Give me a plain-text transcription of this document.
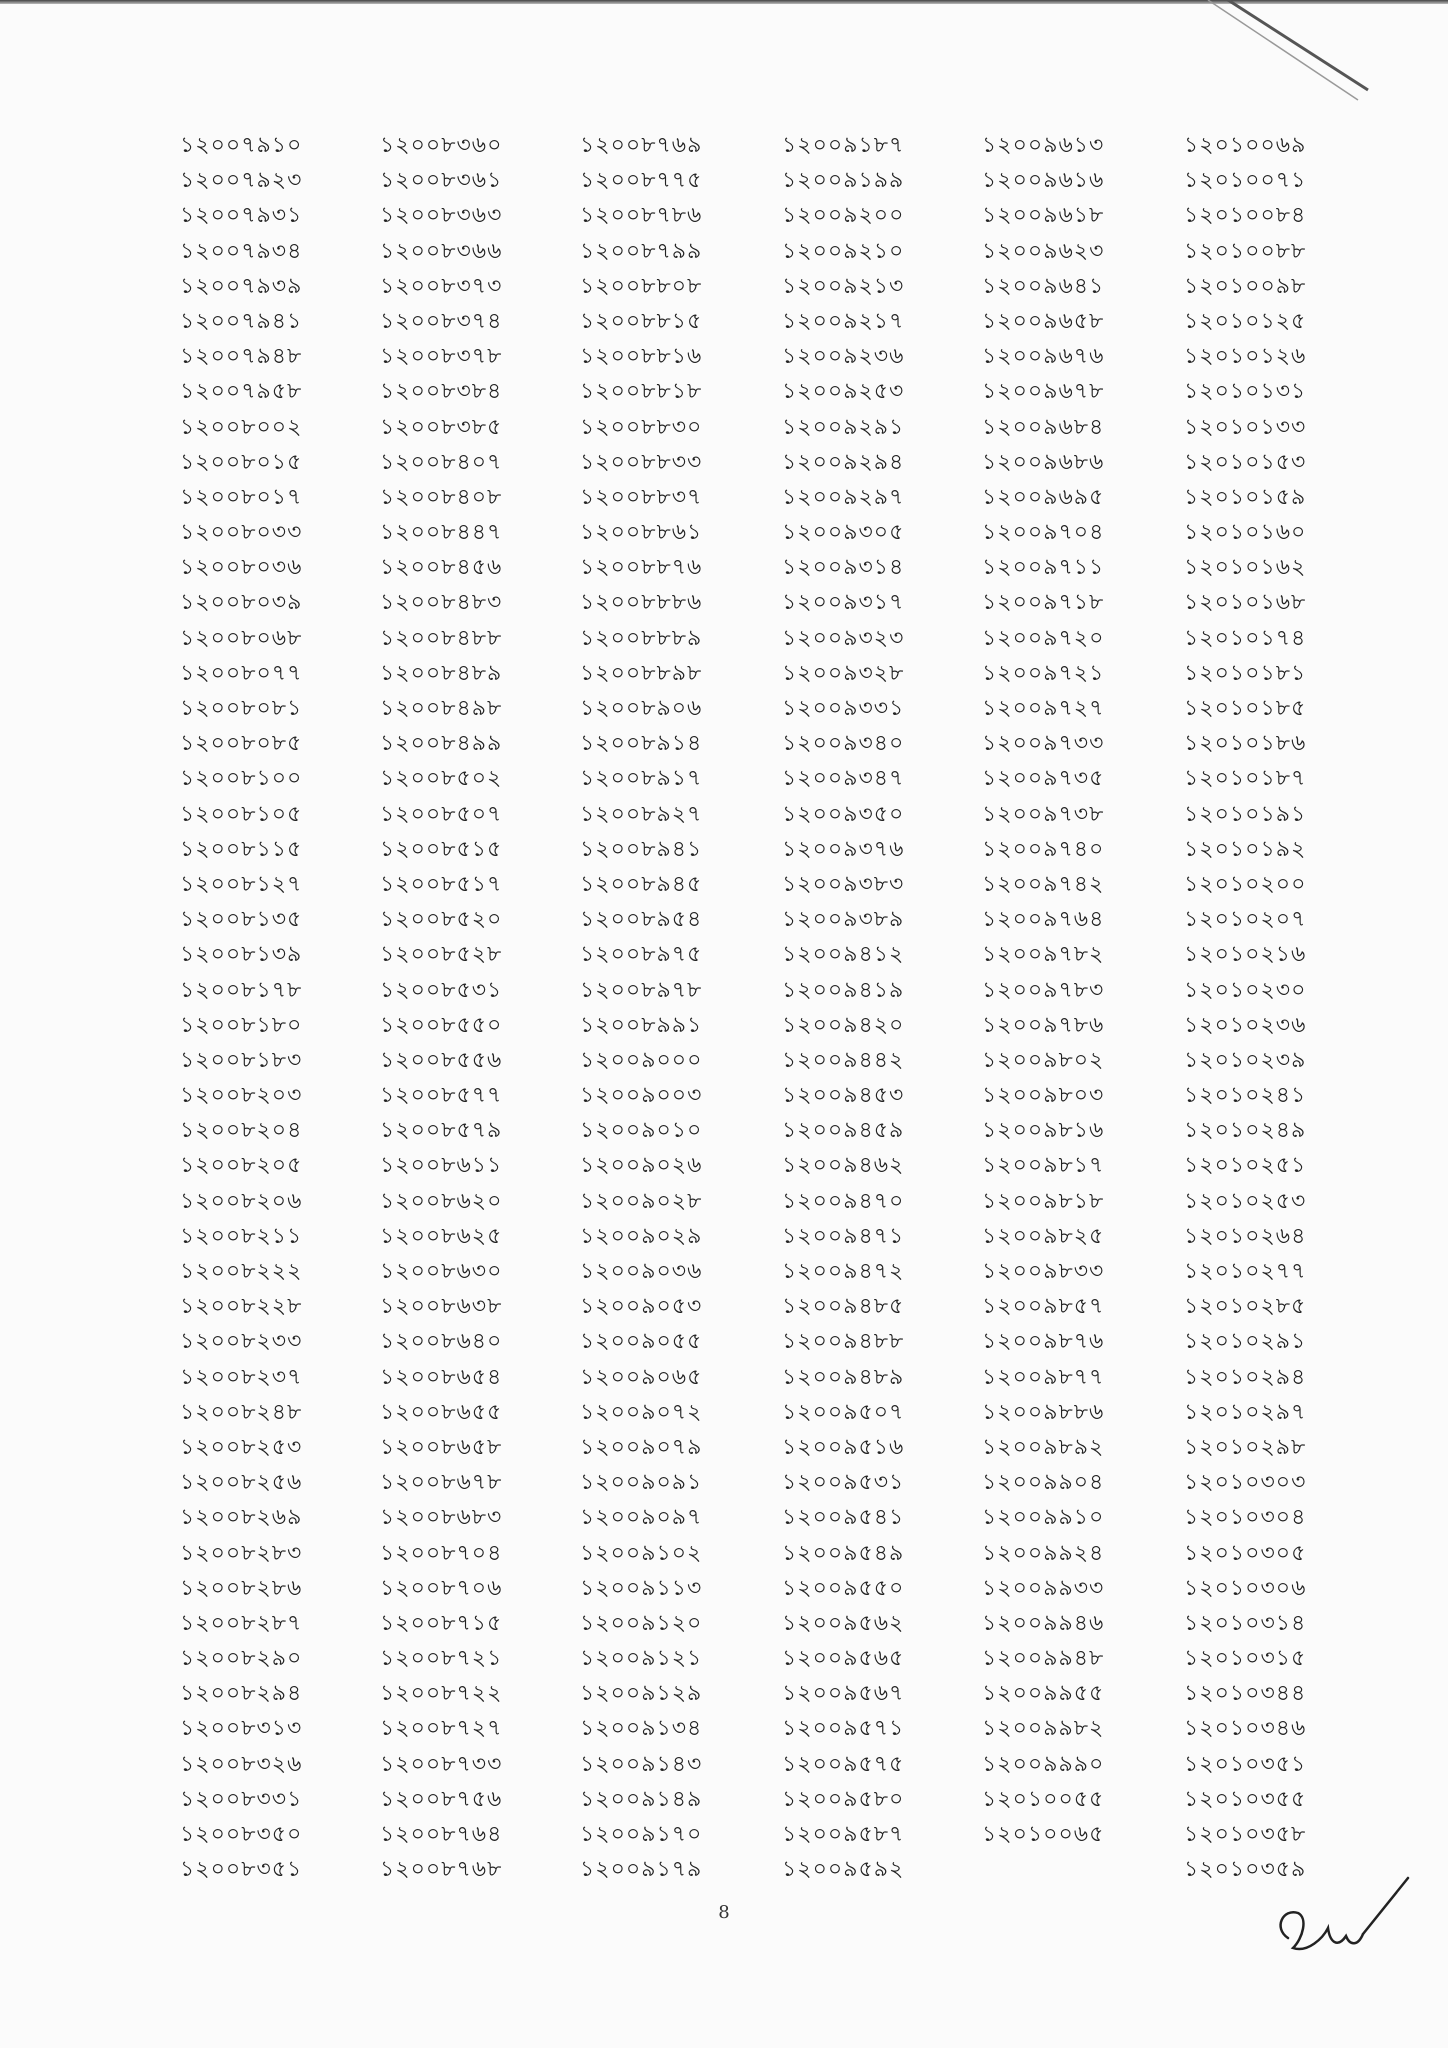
১২০০৭৯১০
১২০০৭৯২৩
১২০০৭৯৩১
১২০০৭৯৩৪
১২০০৭৯৩৯
১২০০৭৯৪১
১২০০৭৯৪৮
১২০০৭৯৫৮
১২০০৮০০২
১২০০৮০১৫
১২০০৮০১৭
১২০০৮০৩৩
১২০০৮০৩৬
১২০০৮০৩৯
১২০০৮০৬৮
১২০০৮০৭৭
১২০০৮০৮১
১২০০৮০৮৫
১২০০৮১০০
১২০০৮১০৫
১২০০৮১১৫
১২০০৮১২৭
১২০০৮১৩৫
১২০০৮১৩৯
১২০০৮১৭৮
১২০০৮১৮০
১২০০৮১৮৩
১২০০৮২০৩
১২০০৮২০৪
১২০০৮২০৫
১২০০৮২০৬
১২০০৮২১১
১২০০৮২২২
১২০০৮২২৮
১২০০৮২৩৩
১২০০৮২৩৭
১২০০৮২৪৮
১২০০৮২৫৩
১২০০৮২৫৬
১২০০৮২৬৯
১২০০৮২৮৩
১২০০৮২৮৬
১২০০৮২৮৭
১২০০৮২৯০
১২০০৮২৯৪
১২০০৮৩১৩
১২০০৮৩২৬
১২০০৮৩৩১
১২০০৮৩৫০
১২০০৮৩৫১
১২০০৮৩৬০
১২০০৮৩৬১
১২০০৮৩৬৩
১২০০৮৩৬৬
১২০০৮৩৭৩
১২০০৮৩৭৪
১২০০৮৩৭৮
১২০০৮৩৮৪
১২০০৮৩৮৫
১২০০৮৪০৭
১২০০৮৪০৮
১২০০৮৪৪৭
১২০০৮৪৫৬
১২০০৮৪৮৩
১২০০৮৪৮৮
১২০০৮৪৮৯
১২০০৮৪৯৮
১২০০৮৪৯৯
১২০০৮৫০২
১২০০৮৫০৭
১২০০৮৫১৫
১২০০৮৫১৭
১২০০৮৫২০
১২০০৮৫২৮
১২০০৮৫৩১
১২০০৮৫৫০
১২০০৮৫৫৬
১২০০৮৫৭৭
১২০০৮৫৭৯
১২০০৮৬১১
১২০০৮৬২০
১২০০৮৬২৫
১২০০৮৬৩০
১২০০৮৬৩৮
১২০০৮৬৪০
১২০০৮৬৫৪
১২০০৮৬৫৫
১২০০৮৬৫৮
১২০০৮৬৭৮
১২০০৮৬৮৩
১২০০৮৭০৪
১২০০৮৭০৬
১২০০৮৭১৫
১২০০৮৭২১
১২০০৮৭২২
১২০০৮৭২৭
১২০০৮৭৩৩
১২০০৮৭৫৬
১২০০৮৭৬৪
১২০০৮৭৬৮
১২০০৮৭৬৯
১২০০৮৭৭৫
১২০০৮৭৮৬
১২০০৮৭৯৯
১২০০৮৮০৮
১২০০৮৮১৫
১২০০৮৮১৬
১২০০৮৮১৮
১২০০৮৮৩০
১২০০৮৮৩৩
১২০০৮৮৩৭
১২০০৮৮৬১
১২০০৮৮৭৬
১২০০৮৮৮৬
১২০০৮৮৮৯
১২০০৮৮৯৮
১২০০৮৯০৬
১২০০৮৯১৪
১২০০৮৯১৭
১২০০৮৯২৭
১২০০৮৯৪১
১২০০৮৯৪৫
১২০০৮৯৫৪
১২০০৮৯৭৫
১২০০৮৯৭৮
১২০০৮৯৯১
১২০০৯০০০
১২০০৯০০৩
১২০০৯০১০
১২০০৯০২৬
১২০০৯০২৮
১২০০৯০২৯
১২০০৯০৩৬
১২০০৯০৫৩
১২০০৯০৫৫
১২০০৯০৬৫
১২০০৯০৭২
১২০০৯০৭৯
১২০০৯০৯১
১২০০৯০৯৭
১২০০৯১০২
১২০০৯১১৩
১২০০৯১২০
১২০০৯১২১
১২০০৯১২৯
১২০০৯১৩৪
১২০০৯১৪৩
১২০০৯১৪৯
১২০০৯১৭০
১২০০৯১৭৯
১২০০৯১৮৭
১২০০৯১৯৯
১২০০৯২০০
১২০০৯২১০
১২০০৯২১৩
১২০০৯২১৭
১২০০৯২৩৬
১২০০৯২৫৩
১২০০৯২৯১
১২০০৯২৯৪
১২০০৯২৯৭
১২০০৯৩০৫
১২০০৯৩১৪
১২০০৯৩১৭
১২০০৯৩২৩
১২০০৯৩২৮
১২০০৯৩৩১
১২০০৯৩৪০
১২০০৯৩৪৭
১২০০৯৩৫০
১২০০৯৩৭৬
১২০০৯৩৮৩
১২০০৯৩৮৯
১২০০৯৪১২
১২০০৯৪১৯
১২০০৯৪২০
১২০০৯৪৪২
১২০০৯৪৫৩
১২০০৯৪৫৯
১২০০৯৪৬২
১২০০৯৪৭০
১২০০৯৪৭১
১২০০৯৪৭২
১২০০৯৪৮৫
১২০০৯৪৮৮
১২০০৯৪৮৯
১২০০৯৫০৭
১২০০৯৫১৬
১২০০৯৫৩১
১২০০৯৫৪১
১২০০৯৫৪৯
১২০০৯৫৫০
১২০০৯৫৬২
১২০০৯৫৬৫
১২০০৯৫৬৭
১২০০৯৫৭১
১২০০৯৫৭৫
১২০০৯৫৮০
১২০০৯৫৮৭
১২০০৯৫৯২
১২০০৯৬১৩
১২০০৯৬১৬
১২০০৯৬১৮
১২০০৯৬২৩
১২০০৯৬৪১
১২০০৯৬৫৮
১২০০৯৬৭৬
১২০০৯৬৭৮
১২০০৯৬৮৪
১২০০৯৬৮৬
১২০০৯৬৯৫
১২০০৯৭০৪
১২০০৯৭১১
১২০০৯৭১৮
১২০০৯৭২০
১২০০৯৭২১
১২০০৯৭২৭
১২০০৯৭৩৩
১২০০৯৭৩৫
১২০০৯৭৩৮
১২০০৯৭৪০
১২০০৯৭৪২
১২০০৯৭৬৪
১২০০৯৭৮২
১২০০৯৭৮৩
১২০০৯৭৮৬
১২০০৯৮০২
১২০০৯৮০৩
১২০০৯৮১৬
১২০০৯৮১৭
১২০০৯৮১৮
১২০০৯৮২৫
১২০০৯৮৩৩
১২০০৯৮৫৭
১২০০৯৮৭৬
১২০০৯৮৭৭
১২০০৯৮৮৬
১২০০৯৮৯২
১২০০৯৯০৪
১২০০৯৯১০
১২০০৯৯২৪
১২০০৯৯৩৩
১২০০৯৯৪৬
১২০০৯৯৪৮
১২০০৯৯৫৫
১২০০৯৯৮২
১২০০৯৯৯০
১২০১০০৫৫
১২০১০০৬৫
১২০১০০৬৯
১২০১০০৭১
১২০১০০৮৪
১২০১০০৮৮
১২০১০০৯৮
১২০১০১২৫
১২০১০১২৬
১২০১০১৩১
১২০১০১৩৩
১২০১০১৫৩
১২০১০১৫৯
১২০১০১৬০
১২০১০১৬২
১২০১০১৬৮
১২০১০১৭৪
১২০১০১৮১
১২০১০১৮৫
১২০১০১৮৬
১২০১০১৮৭
১২০১০১৯১
১২০১০১৯২
১২০১০২০০
১২০১০২০৭
১২০১০২১৬
১২০১০২৩০
১২০১০২৩৬
১২০১০২৩৯
১২০১০২৪১
১২০১০২৪৯
১২০১০২৫১
১২০১০২৫৩
১২০১০২৬৪
১২০১০২৭৭
১২০১০২৮৫
১২০১০২৯১
১২০১০২৯৪
১২০১০২৯৭
১২০১০২৯৮
১২০১০৩০৩
১২০১০৩০৪
১২০১০৩০৫
১২০১০৩০৬
১২০১০৩১৪
১২০১০৩১৫
১২০১০৩৪৪
১২০১০৩৪৬
১২০১০৩৫১
১২০১০৩৫৫
১২০১০৩৫৮
১২০১০৩৫৯
8
